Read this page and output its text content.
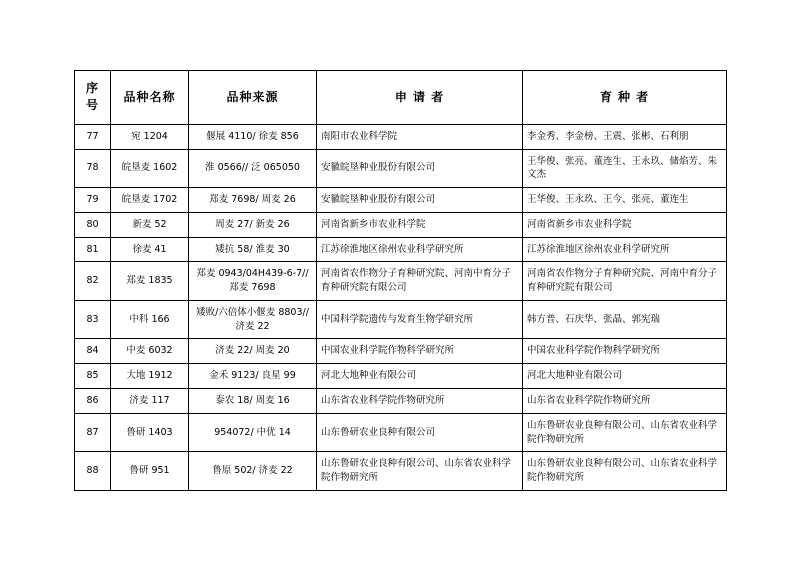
序 号	品种名称	品种来源	申 请 者	育 种 者
77	宛 1204	偃展 4110/ 徐麦 856	南阳市农业科学院	李金秀、李金榜、王震、张彬、石利朋
78	皖垦麦 1602	淮 0566// 泛 065050	安徽皖垦种业股份有限公司	王华俊、张亮、董连生、王永玖、储焰芳、朱文杰
79	皖垦麦 1702	郑麦 7698/ 周麦 26	安徽皖垦种业股份有限公司	王华俊、王永玖、王今、张亮、董连生
80	新麦 52	周麦 27/ 新麦 26	河南省新乡市农业科学院	河南省新乡市农业科学院
81	徐麦 41	矮抗 58/ 淮麦 30	江苏徐淮地区徐州农业科学研究所	江苏徐淮地区徐州农业科学研究所
82	郑麦 1835	郑麦 0943/04H439-6-7//郑麦 7698	河南省农作物分子育种研究院、河南中育分子育种研究院有限公司	河南省农作物分子育种研究院、河南中育分子育种研究院有限公司
83	中科 166	矮败/六倍体小偃麦 8803//济麦 22	中国科学院遗传与发育生物学研究所	韩方普、石庆华、张晶、郭宪瑞
84	中麦 6032	济麦 22/ 周麦 20	中国农业科学院作物科学研究所	中国农业科学院作物科学研究所
85	大地 1912	金禾 9123/ 良星 99	河北大地种业有限公司	河北大地种业有限公司
86	济麦 117	泰农 18/ 周麦 16	山东省农业科学院作物研究所	山东省农业科学院作物研究所
87	鲁研 1403	954072/ 中优 14	山东鲁研农业良种有限公司	山东鲁研农业良种有限公司、山东省农业科学院作物研究所
88	鲁研 951	鲁原 502/ 济麦 22	山东鲁研农业良种有限公司、山东省农业科学院作物研究所	山东鲁研农业良种有限公司、山东省农业科学院作物研究所
